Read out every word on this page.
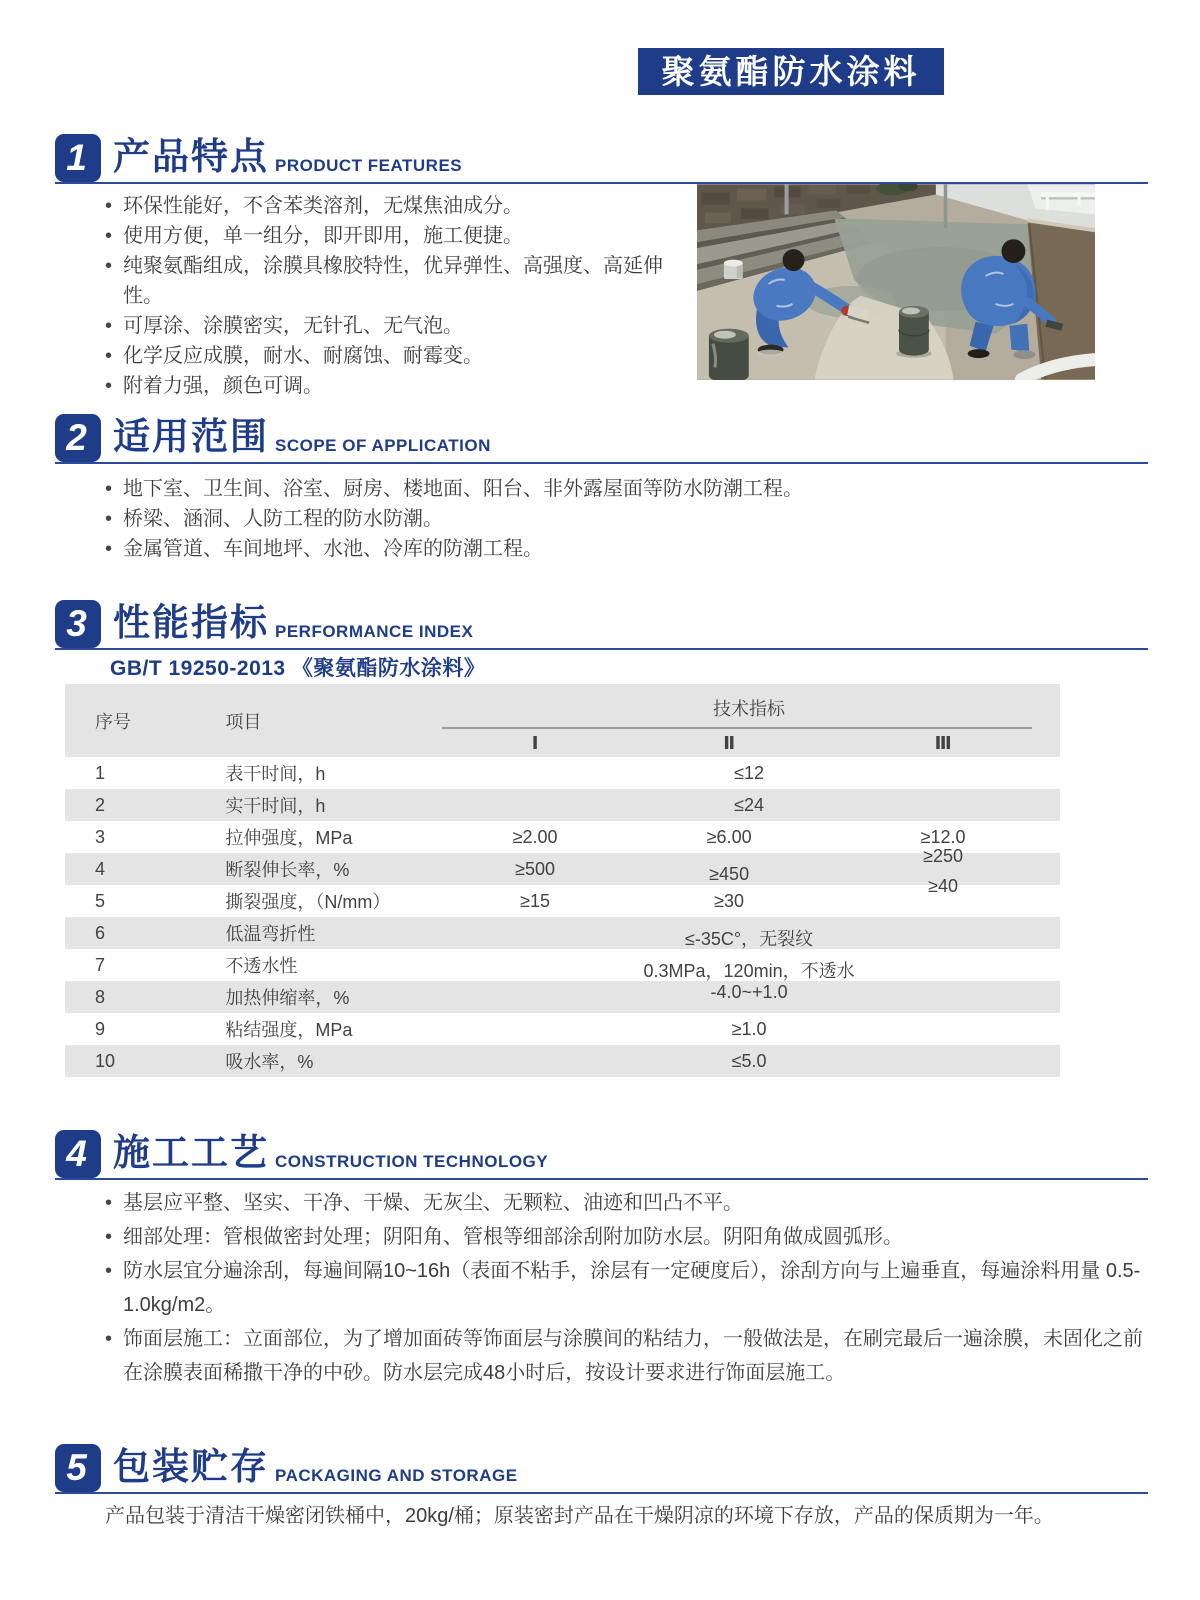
聚氨酯防水涂料
1 产品特点 PRODUCT FEATURES
• 环保性能好，不含苯类溶剂，无煤焦油成分。
• 使用方便，单一组分，即开即用，施工便捷。
• 纯聚氨酯组成，涂膜具橡胶特性，优异弹性、高强度、高延伸性。
• 可厚涂、涂膜密实，无针孔、无气泡。
• 化学反应成膜，耐水、耐腐蚀、耐霉变。
• 附着力强，颜色可调。
2 适用范围 SCOPE OF APPLICATION
• 地下室、卫生间、浴室、厨房、楼地面、阳台、非外露屋面等防水防潮工程。
• 桥梁、涵洞、人防工程的防水防潮。
• 金属管道、车间地坪、水池、冷库的防潮工程。
3 性能指标 PERFORMANCE INDEX
GB/T 19250-2013 《聚氨酯防水涂料》
序号	项目	技术指标		
		Ⅰ	Ⅱ	Ⅲ
1	表干时间，h	≤12		
2	实干时间，h	≤24		
3	拉伸强度，MPa	≥2.00	≥6.00	≥12.0
4	断裂伸长率，%	≥500	≥450	≥250
5	撕裂强度，（N/mm）	≥15	≥30	≥40
6	低温弯折性	≤-35C°，无裂纹		
7	不透水性	0.3MPa，120min，不透水		
8	加热伸缩率，%	-4.0~+1.0		
9	粘结强度，MPa	≥1.0		
10	吸水率，%	≤5.0		
4 施工工艺 CONSTRUCTION TECHNOLOGY
• 基层应平整、坚实、干净、干燥、无灰尘、无颗粒、油迹和凹凸不平。
• 细部处理：管根做密封处理；阴阳角、管根等细部涂刮附加防水层。阴阳角做成圆弧形。
• 防水层宜分遍涂刮，每遍间隔10~16h（表面不粘手，涂层有一定硬度后），涂刮方向与上遍垂直，每遍涂料用量 0.5-1.0kg/m2。
• 饰面层施工：立面部位，为了增加面砖等饰面层与涂膜间的粘结力，一般做法是，在刷完最后一遍涂膜，未固化之前在涂膜表面稀撒干净的中砂。防水层完成48小时后，按设计要求进行饰面层施工。
5 包装贮存 PACKAGING AND STORAGE
产品包装于清洁干燥密闭铁桶中，20kg/桶；原装密封产品在干燥阴凉的环境下存放，产品的保质期为一年。
